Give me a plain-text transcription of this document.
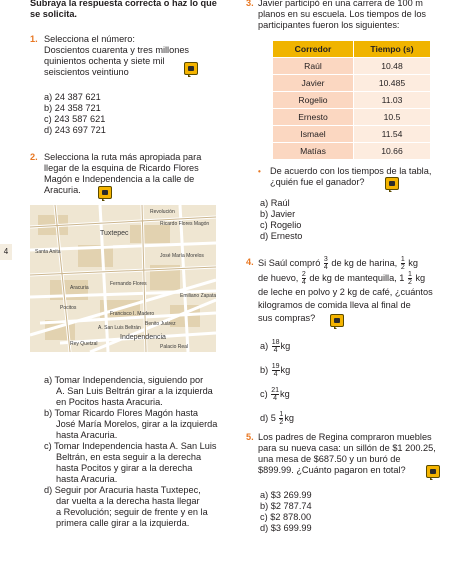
Subraya la respuesta correcta o haz lo que
se solicita.
3. Javier participó en una carrera de 100 m
planos en su escuela. Los tiempos de los
participantes fueron los siguientes:
1. Selecciona el número:
Doscientos cuarenta y tres millones
quinientos ochenta y siete mil
seiscientos veintiuno
a) 24 387 621
b) 24 358 721
c) 243 587 621
d) 243 697 721
2. Selecciona la ruta más apropiada para
llegar de la esquina de Ricardo Flores
Magón e Independencia a la calle de
Aracuria.
Tuxtepec
Independencia
Revolución
Aracuria
Pocitos
Ricardo Flores Magón
José María Morelos
Fernando Flores
Francisco I. Madero
Benito Juárez
Santa Anita
Emiliano Zapata
A. San Luis Beltrán
Rey Quetzal	Palacio Real
4
a) Tomar Independencia, siguiendo por
A. San Luis Beltrán girar a la izquierda
en Pocitos hasta Aracuria.
b) Tomar Ricardo Flores Magón hasta
José María Morelos, girar a la izquierda
hasta Aracuria.
c) Tomar Independencia hasta A. San Luis
Beltrán, en esta seguir a la derecha
hasta Pocitos y girar a la derecha
hasta Aracuria.
d) Seguir por Aracuria hasta Tuxtepec,
dar vuelta a la derecha hasta llegar
a Revolución; seguir de frente y en la
primera calle girar a la izquierda.
Corredor	Tiempo (s)
Raúl	10.48
Javier	10.485
Rogelio	11.03
Ernesto	10.5
Ismael	11.54
Matías	10.66
• De acuerdo con los tiempos de la tabla,
¿quién fue el ganador?
a) Raúl
b) Javier
c) Rogelio
d) Ernesto
4. Si Saúl compró $\frac{3}{4}$ de kg de harina, $\frac{1}{2}$ kg
de huevo, $\frac{2}{4}$ de kg de mantequilla, $1 \frac{1}{2}$ kg
de leche en polvo y 2 kg de café, ¿cuántos
kilogramos de comida lleva al final de
sus compras?
$a) \frac{18}{4}$ kg
$b) \frac{19}{4}$ kg
$c) \frac{21}{4}$ kg
d) $5 \frac{1}{2}$ kg
5. Los padres de Regina compraron muebles
para su nueva casa: un sillón de $1 200.25,
una mesa de $687.50 y un buró de
$899.99. ¿Cuánto pagaron en total?
a) $3 269.99
b) $2 787.74
c) $2 878.00
d) $3 699.99
